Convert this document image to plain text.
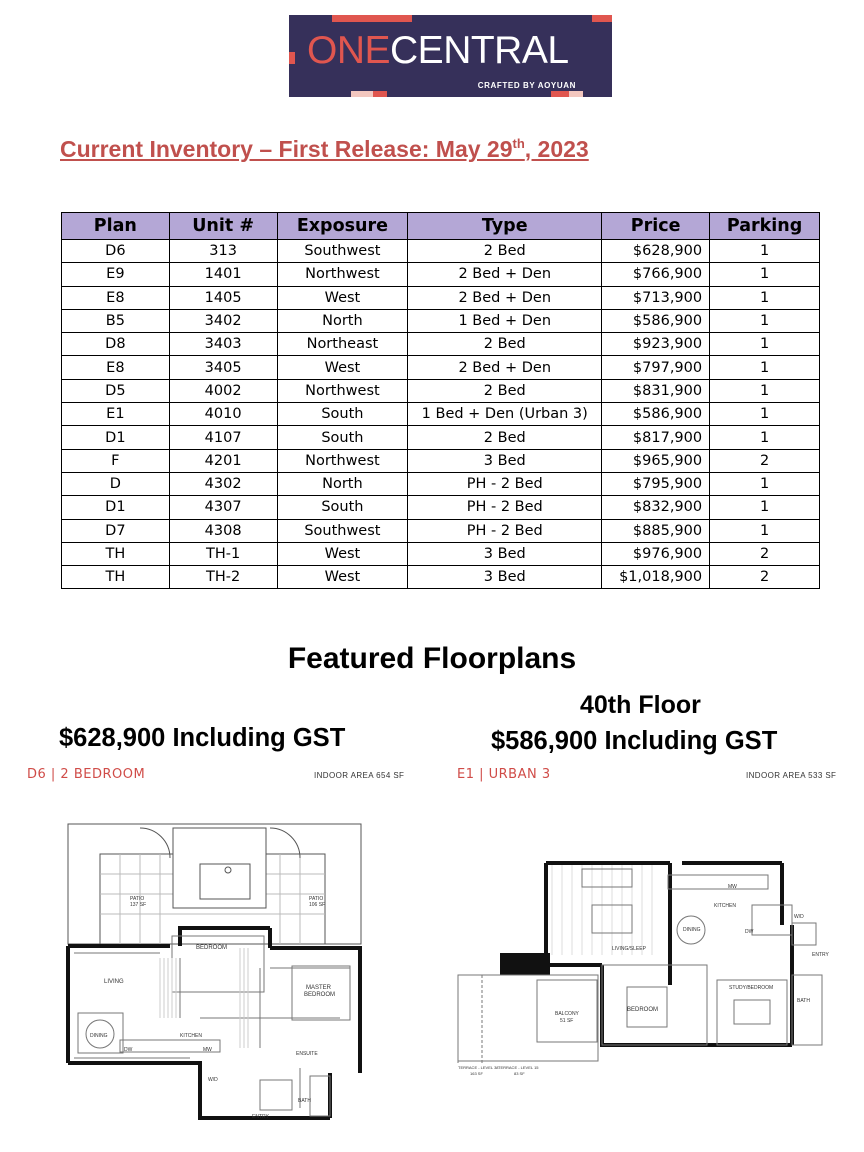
ONECENTRAL
CRAFTED BY AOYUAN
Current Inventory – First Release: May 29th, 2023
Plan	Unit #	Exposure	Type	Price	Parking
D6	313	Southwest	2 Bed	$628,900	1
E9	1401	Northwest	2 Bed + Den	$766,900	1
E8	1405	West	2 Bed + Den	$713,900	1
B5	3402	North	1 Bed + Den	$586,900	1
D8	3403	Northeast	2 Bed	$923,900	1
E8	3405	West	2 Bed + Den	$797,900	1
D5	4002	Northwest	2 Bed	$831,900	1
E1	4010	South	1 Bed + Den (Urban 3)	$586,900	1
D1	4107	South	2 Bed	$817,900	1
F	4201	Northwest	3 Bed	$965,900	2
D	4302	North	PH - 2 Bed	$795,900	1
D1	4307	South	PH - 2 Bed	$832,900	1
D7	4308	Southwest	PH - 2 Bed	$885,900	1
TH	TH-1	West	3 Bed	$976,900	2
TH	TH-2	West	3 Bed	$1,018,900	2
Featured Floorplans
40th Floor
$628,900 Including GST	$586,900 Including GST
D6 | 2 BEDROOM	INDOOR AREA 654 SF	E1 | URBAN 3	INDOOR AREA 533 SF
PATIO
137 SF
PATIO
106 SF
BEDROOM
LIVING
MASTER
BEDROOM
DINING	KITCHEN
DW	MW
ENSUITE
W/D
BATH
ENTRY
KITCHEN
LIVING/SLEEP
DINING
MW
DW
W/D
ENTRY
BEDROOM
STUDY/BEDROOM
BATH
BALCONY
51 SF
TERRACE - LEVEL 38
163 SF
TERRACE - LEVEL 15
83 SF
